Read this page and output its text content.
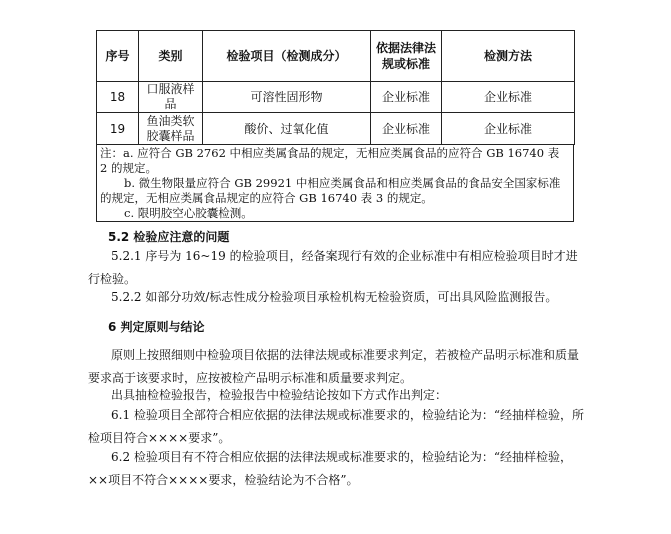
序号	类别	检验项目（检测成分）	依据法律法规或标准	检测方法
18	口服液样品	可溶性固形物	企业标准	企业标准
19	鱼油类软胶囊样品	酸价、过氧化值	企业标准	企业标准

注：a. 应符合 GB 2762 中相应类属食品的规定，无相应类属食品的应符合 GB 16740 表 2 的规定。

b. 微生物限量应符合 GB 29921 中相应类属食品和相应类属食品的食品安全国家标准的规定，无相应类属食品规定的应符合 GB 16740 表 3 的规定。

c. 限明胶空心胶囊检测。

5.2 检验应注意的问题

5.2.1 序号为 16~19 的检验项目，经备案现行有效的企业标准中有相应检验项目时才进行检验。

5.2.2 如部分功效/标志性成分检验项目承检机构无检验资质，可出具风险监测报告。

6 判定原则与结论

原则上按照细则中检验项目依据的法律法规或标准要求判定，若被检产品明示标准和质量要求高于该要求时，应按被检产品明示标准和质量要求判定。

出具抽检检验报告，检验报告中检验结论按如下方式作出判定：

6.1 检验项目全部符合相应依据的法律法规或标准要求的，检验结论为：“经抽样检验，所检项目符合××××要求”。

6.2 检验项目有不符合相应依据的法律法规或标准要求的，检验结论为：“经抽样检验，××项目不符合××××要求，检验结论为不合格”。
